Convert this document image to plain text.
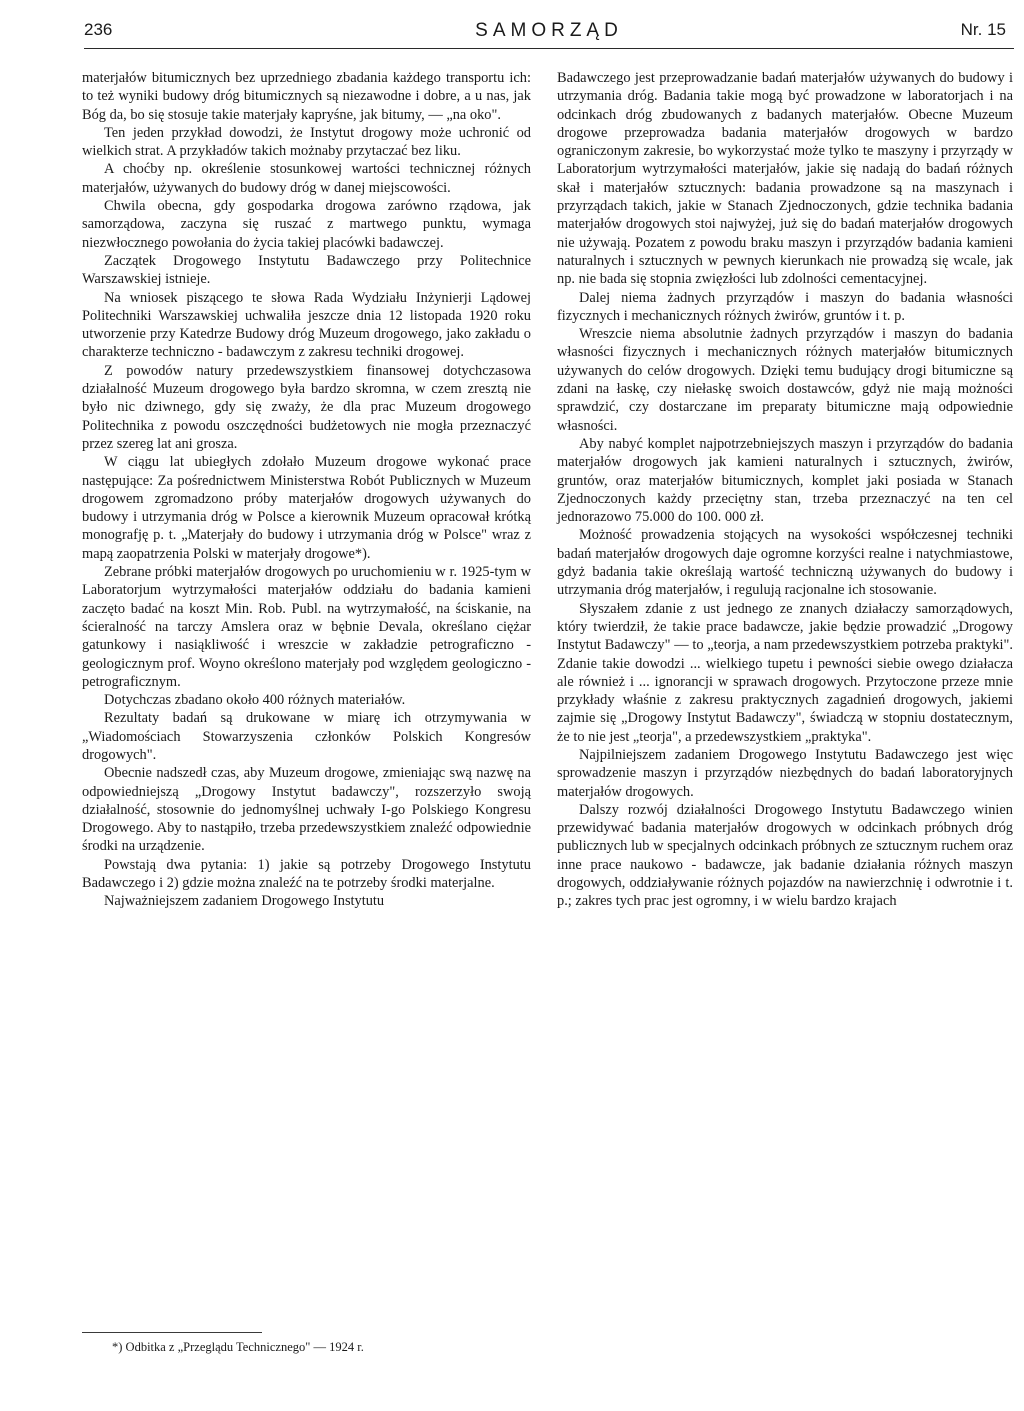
236	SAMORZĄD	Nr. 15

materjałów bitumicznych bez uprzedniego zbadania każdego transportu ich: to też wyniki budowy dróg bitumicznych są niezawodne i dobre, a u nas, jak Bóg da, bo się stosuje takie materjały kapryśne, jak bitumy, — „na oko".

Ten jeden przykład dowodzi, że Instytut drogowy może uchronić od wielkich strat. A przykładów takich możnaby przytaczać bez liku.

A choćby np. określenie stosunkowej wartości technicznej różnych materjałów, używanych do budowy dróg w danej miejscowości.

Chwila obecna, gdy gospodarka drogowa zarówno rządowa, jak samorządowa, zaczyna się ruszać z martwego punktu, wymaga niezwłocznego powołania do życia takiej placówki badawczej.

Zaczątek Drogowego Instytutu Badawczego przy Politechnice Warszawskiej istnieje.

Na wniosek piszącego te słowa Rada Wydziału Inżynierji Lądowej Politechniki Warszawskiej uchwaliła jeszcze dnia 12 listopada 1920 roku utworzenie przy Katedrze Budowy dróg Muzeum drogowego, jako zakładu o charakterze techniczno - badawczym z zakresu techniki drogowej.

Z powodów natury przedewszystkiem finansowej dotychczasowa działalność Muzeum drogowego była bardzo skromna, w czem zresztą nie było nic dziwnego, gdy się zważy, że dla prac Muzeum drogowego Politechnika z powodu oszczędności budżetowych nie mogła przeznaczyć przez szereg lat ani grosza.

W ciągu lat ubiegłych zdołało Muzeum drogowe wykonać prace następujące: Za pośrednictwem Ministerstwa Robót Publicznych w Muzeum drogowem zgromadzono próby materjałów drogowych używanych do budowy i utrzymania dróg w Polsce a kierownik Muzeum opracował krótką monografję p. t. „Materjały do budowy i utrzymania dróg w Polsce" wraz z mapą zaopatrzenia Polski w materjały drogowe*).

Zebrane próbki materjałów drogowych po uruchomieniu w r. 1925-tym w Laboratorjum wytrzymałości materjałów oddziału do badania kamieni zaczęto badać na koszt Min. Rob. Publ. na wytrzymałość, na ściskanie, na ścieralność na tarczy Amslera oraz w bębnie Devala, określano ciężar gatunkowy i nasiąkliwość i wreszcie w zakładzie petrograficzno - geologicznym prof. Woyno określono materjały pod względem geologiczno - petrograficznym.

Dotychczas zbadano około 400 różnych materiałów.

Rezultaty badań są drukowane w miarę ich otrzymywania w „Wiadomościach Stowarzyszenia członków Polskich Kongresów drogowych".

Obecnie nadszedł czas, aby Muzeum drogowe, zmieniając swą nazwę na odpowiedniejszą „Drogowy Instytut badawczy", rozszerzyło swoją działalność, stosownie do jednomyślnej uchwały I-go Polskiego Kongresu Drogowego. Aby to nastąpiło, trzeba przedewszystkiem znaleźć odpowiednie środki na urządzenie.

Powstają dwa pytania: 1) jakie są potrzeby Drogowego Instytutu Badawczego i 2) gdzie można znaleźć na te potrzeby środki materjalne.

Najważniejszem zadaniem Drogowego Instytutu

Badawczego jest przeprowadzanie badań materjałów używanych do budowy i utrzymania dróg. Badania takie mogą być prowadzone w laboratorjach i na odcinkach dróg zbudowanych z badanych materjałów. Obecne Muzeum drogowe przeprowadza badania materjałów drogowych w bardzo ograniczonym zakresie, bo wykorzystać może tylko te maszyny i przyrządy w Laboratorjum wytrzymałości materjałów, jakie się nadają do badań różnych skał i materjałów sztucznych: badania prowadzone są na maszynach i przyrządach takich, jakie w Stanach Zjednoczonych, gdzie technika badania materjałów drogowych stoi najwyżej, już się do badań materjałów drogowych nie używają. Pozatem z powodu braku maszyn i przyrządów badania kamieni naturalnych i sztucznych w pewnych kierunkach nie prowadzą się wcale, jak np. nie bada się stopnia zwięzłości lub zdolności cementacyjnej.

Dalej niema żadnych przyrządów i maszyn do badania własności fizycznych i mechanicznych różnych żwirów, gruntów i t. p.

Wreszcie niema absolutnie żadnych przyrządów i maszyn do badania własności fizycznych i mechanicznych różnych materjałów bitumicznych używanych do celów drogowych. Dzięki temu budujący drogi bitumiczne są zdani na łaskę, czy niełaskę swoich dostawców, gdyż nie mają możności sprawdzić, czy dostarczane im preparaty bitumiczne mają odpowiednie własności.

Aby nabyć komplet najpotrzebniejszych maszyn i przyrządów do badania materjałów drogowych jak kamieni naturalnych i sztucznych, żwirów, gruntów, oraz materjałów bitumicznych, komplet jaki posiada w Stanach Zjednoczonych każdy przeciętny stan, trzeba przeznaczyć na ten cel jednorazowo 75.000 do 100. 000 zł.

Możność prowadzenia stojących na wysokości współczesnej techniki badań materjałów drogowych daje ogromne korzyści realne i natychmiastowe, gdyż badania takie określają wartość techniczną używanych do budowy i utrzymania dróg materjałów, i regulują racjonalne ich stosowanie.

Słyszałem zdanie z ust jednego ze znanych działaczy samorządowych, który twierdził, że takie prace badawcze, jakie będzie prowadzić „Drogowy Instytut Badawczy" — to „teorja, a nam przedewszystkiem potrzeba praktyki". Zdanie takie dowodzi ... wielkiego tupetu i pewności siebie owego działacza ale również i ... ignorancji w sprawach drogowych. Przytoczone przeze mnie przykłady właśnie z zakresu praktycznych zagadnień drogowych, jakiemi zajmie się „Drogowy Instytut Badawczy", świadczą w stopniu dostatecznym, że to nie jest „teorja", a przedewszystkiem „praktyka".

Najpilniejszem zadaniem Drogowego Instytutu Badawczego jest więc sprowadzenie maszyn i przyrządów niezbędnych do badań laboratoryjnych materjałów drogowych.

Dalszy rozwój działalności Drogowego Instytutu Badawczego winien przewidywać badania materjałów drogowych w odcinkach próbnych dróg publicznych lub w specjalnych odcinkach próbnych ze sztucznym ruchem oraz inne prace naukowo - badawcze, jak badanie działania różnych maszyn drogowych, oddziaływanie różnych pojazdów na nawierzchnię i odwrotnie i t. p.; zakres tych prac jest ogromny, i w wielu bardzo krajach

*) Odbitka z „Przeglądu Technicznego" — 1924 r.
